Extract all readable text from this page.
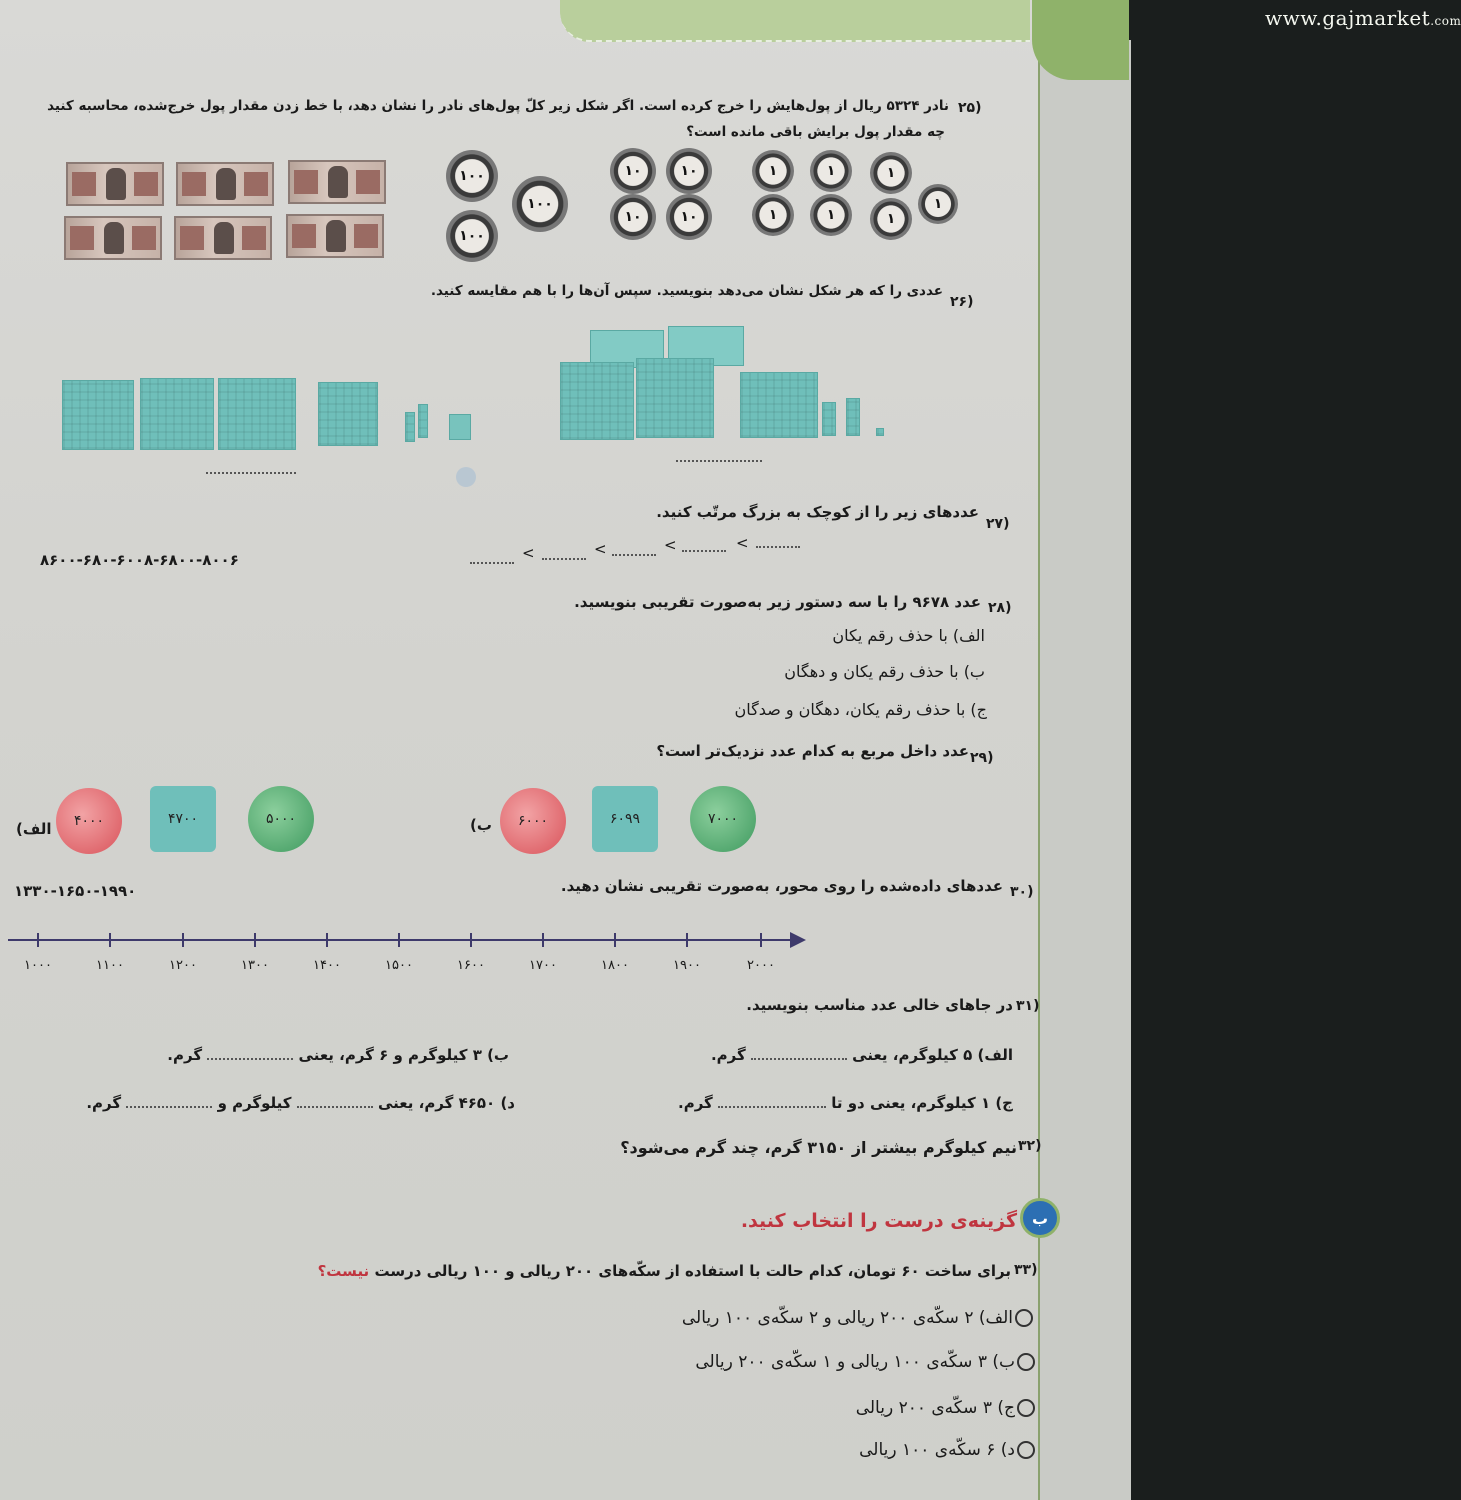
www.gajmarket.com
۲۵)
نادر ۵۳۲۴ ریال از پول‌هایش را خرج کرده است. اگر شکل زیر کلّ پول‌های نادر را نشان دهد، با خط زدن مقدار پول خرج‌شده، محاسبه کنید
چه مقدار پول برایش باقی مانده است؟
۱۰۰
۱۰۰
۱۰۰
۱۰	۱۰
۱۰	۱۰
۱	۱	۱
۱	۱	۱
۱
۲۶)
عددی را که هر شکل نشان می‌دهد بنویسید. سپس آن‌ها را با هم مقایسه کنید.
۲۷)
عددهای زیر را از کوچک به بزرگ مرتّب کنید.
۸۶۰۰-۶۸۰-۶۰۰۸-۶۸۰۰-۸۰۰۶	<	<	<	<
۲۸)
عدد ۹۶۷۸ را با سه دستور زیر به‌صورت تقریبی بنویسید.
الف) با حذف رقم یکان
ب) با حذف رقم یکان و دهگان
ج) با حذف رقم یکان، دهگان و صدگان
۲۹)
عدد داخل مربع به کدام عدد نزدیک‌تر است؟
الف)	۴۰۰۰	۴۷۰۰	۵۰۰۰	ب)	۶۰۰۰	۶۰۹۹	۷۰۰۰
۳۰)
عددهای داده‌شده را روی محور، به‌صورت تقریبی نشان دهید.
۱۳۳۰-۱۶۵۰-۱۹۹۰
۱۰۰۰	۱۱۰۰	۱۲۰۰	۱۳۰۰	۱۴۰۰	۱۵۰۰	۱۶۰۰	۱۷۰۰	۱۸۰۰	۱۹۰۰	۲۰۰۰
۳۱)
در جاهای خالی عدد مناسب بنویسید.
الف) ۵ کیلوگرم، یعنی  گرم.
ب) ۳ کیلوگرم و ۶ گرم، یعنی  گرم.
ج) ۱ کیلوگرم، یعنی دو تا  گرم.
د) ۴۶۵۰ گرم، یعنی  کیلوگرم و  گرم.
۳۲)
نیم کیلوگرم بیشتر از ۳۱۵۰ گرم، چند گرم می‌شود؟
ب
گزینه‌ی درست را انتخاب کنید.
۳۳)
برای ساخت ۶۰ تومان، کدام حالت با استفاده از سکّه‌های ۲۰۰ ریالی و ۱۰۰ ریالی درست نیست؟
الف) ۲ سکّه‌ی ۲۰۰ ریالی و ۲ سکّه‌ی ۱۰۰ ریالی
ب) ۳ سکّه‌ی ۱۰۰ ریالی و ۱ سکّه‌ی ۲۰۰ ریالی
ج) ۳ سکّه‌ی ۲۰۰ ریالی
د) ۶ سکّه‌ی ۱۰۰ ریالی
